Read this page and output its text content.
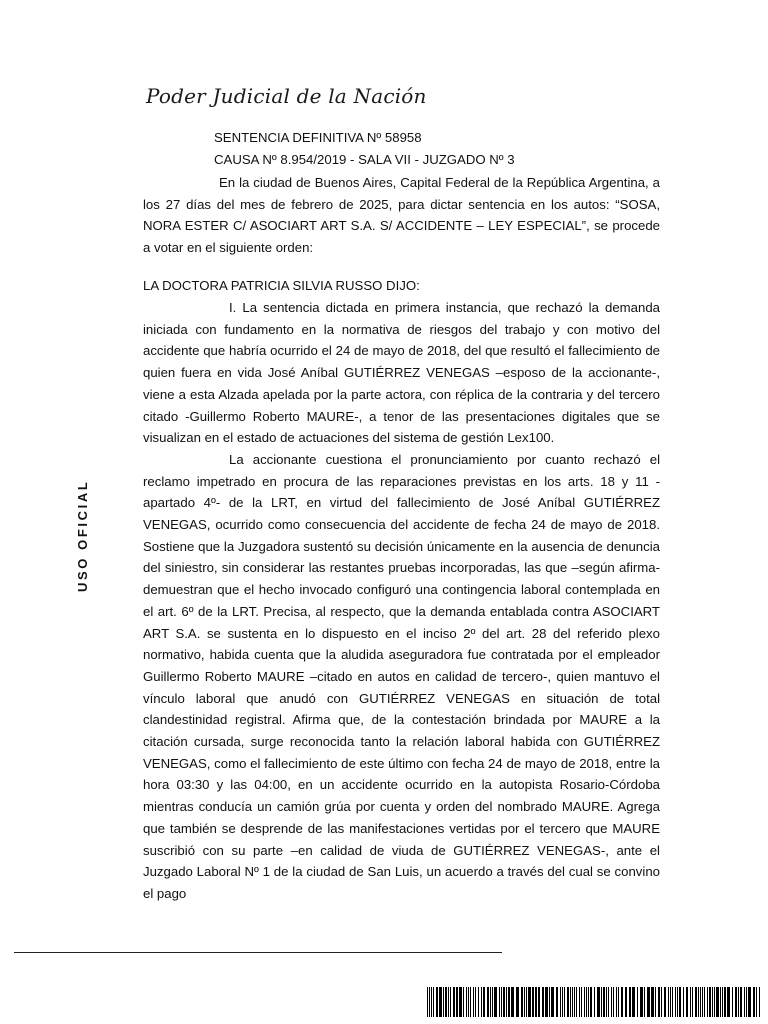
Poder Judicial de la Nación
USO OFICIAL
SENTENCIA DEFINITIVA Nº 58958
CAUSA Nº 8.954/2019 - SALA VII - JUZGADO Nº 3

En la ciudad de Buenos Aires, Capital Federal de la República Argentina, a los 27 días del mes de febrero de 2025, para dictar sentencia en los autos: “SOSA, NORA ESTER C/ ASOCIART ART S.A. S/ ACCIDENTE – LEY ESPECIAL”, se procede a votar en el siguiente orden:

LA DOCTORA PATRICIA SILVIA RUSSO DIJO:

I. La sentencia dictada en primera instancia, que rechazó la demanda iniciada con fundamento en la normativa de riesgos del trabajo y con motivo del accidente que habría ocurrido el 24 de mayo de 2018, del que resultó el fallecimiento de quien fuera en vida José Aníbal GUTIÉRREZ VENEGAS –esposo de la accionante-, viene a esta Alzada apelada por la parte actora, con réplica de la contraria y del tercero citado -Guillermo Roberto MAURE-, a tenor de las presentaciones digitales que se visualizan en el estado de actuaciones del sistema de gestión Lex100.

La accionante cuestiona el pronunciamiento por cuanto rechazó el reclamo impetrado en procura de las reparaciones previstas en los arts. 18 y 11 -apartado 4º- de la LRT, en virtud del fallecimiento de José Aníbal GUTIÉRREZ VENEGAS, ocurrido como consecuencia del accidente de fecha 24 de mayo de 2018. Sostiene que la Juzgadora sustentó su decisión únicamente en la ausencia de denuncia del siniestro, sin considerar las restantes pruebas incorporadas, las que –según afirma- demuestran que el hecho invocado configuró una contingencia laboral contemplada en el art. 6º de la LRT. Precisa, al respecto, que la demanda entablada contra ASOCIART ART S.A. se sustenta en lo dispuesto en el inciso 2º del art. 28 del referido plexo normativo, habida cuenta que la aludida aseguradora fue contratada por el empleador Guillermo Roberto MAURE –citado en autos en calidad de tercero-, quien mantuvo el vínculo laboral que anudó con GUTIÉRREZ VENEGAS en situación de total clandestinidad registral. Afirma que, de la contestación brindada por MAURE a la citación cursada, surge reconocida tanto la relación laboral habida con GUTIÉRREZ VENEGAS, como el fallecimiento de este último con fecha 24 de mayo de 2018, entre la hora 03:30 y las 04:00, en un accidente ocurrido en la autopista Rosario-Córdoba mientras conducía un camión grúa por cuenta y orden del nombrado MAURE. Agrega que también se desprende de las manifestaciones vertidas por el tercero que MAURE suscribió con su parte –en calidad de viuda de GUTIÉRREZ VENEGAS-, ante el Juzgado Laboral Nº 1 de la ciudad de San Luis, un acuerdo a través del cual se convino el pago
